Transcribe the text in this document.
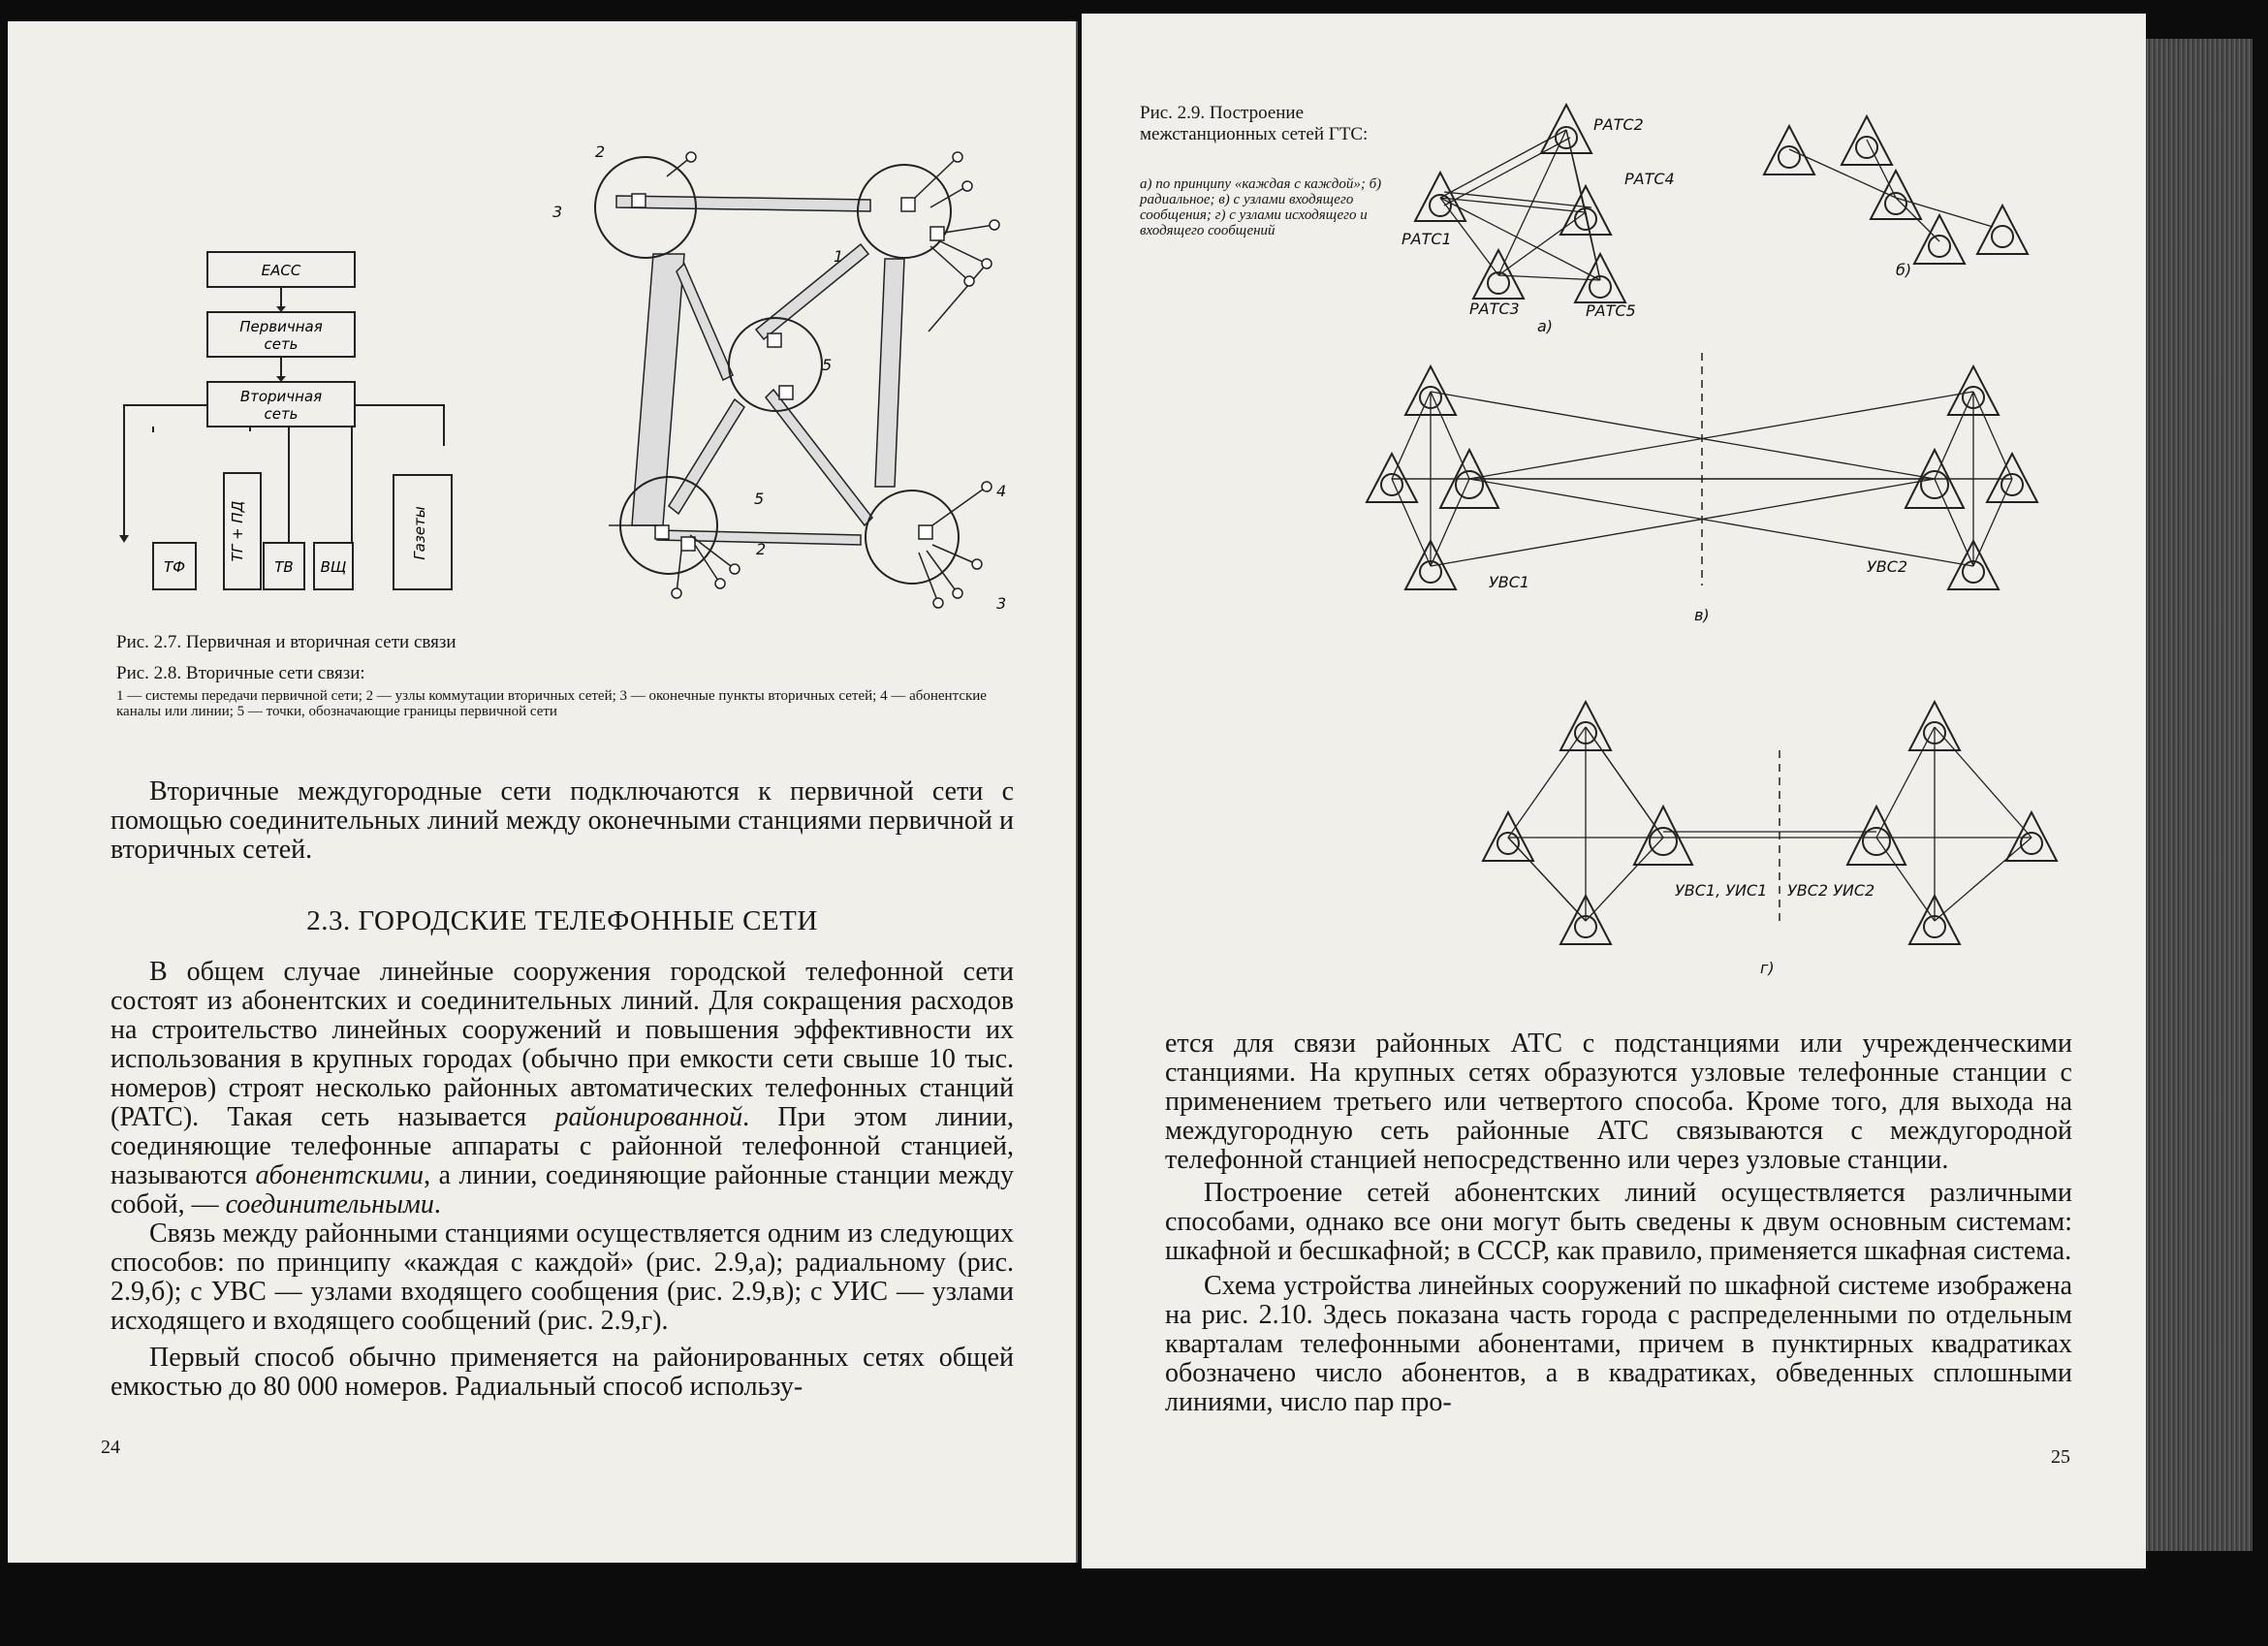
ЕАСС
Первичная
сеть
Вторичная
сеть
ТФ
ТГ + ПД
ТВ ВЩ
Газеты
2
3
1
5
5
2
4
3
Рис. 2.7. Первичная и вторичная сети связи
Рис. 2.8. Вторичные сети связи:
1 — системы передачи первичной сети; 2 — узлы коммутации вторичных сетей; 3 — оконечные пункты вторичных сетей; 4 — абонентские каналы или линии; 5 — точки, обозначающие границы первичной сети

Вторичные междугородные сети подключаются к первичной сети с помощью соединительных линий между оконечными станциями первичной и вторичных сетей.

2.3. ГОРОДСКИЕ ТЕЛЕФОННЫЕ СЕТИ

В общем случае линейные сооружения городской телефонной сети состоят из абонентских и соединительных линий. Для сокращения расходов на строительство линейных сооружений и повышения эффективности их использования в крупных городах (обычно при емкости сети свыше 10 тыс. номеров) строят несколько районных автоматических телефонных станций (РАТС). Такая сеть называется районированной. При этом линии, соединяющие телефонные аппараты с районной телефонной станцией, называются абонентскими, а линии, соединяющие районные станции между собой, — соединительными.

Связь между районными станциями осуществляется одним из следующих способов: по принципу «каждая с каждой» (рис. 2.9,а); радиальному (рис. 2.9,б); с УВС — узлами входящего сообщения (рис. 2.9,в); с УИС — узлами исходящего и входящего сообщений (рис. 2.9,г).

Первый способ обычно применяется на районированных сетях общей емкостью до 80 000 номеров. Радиальный способ использу-

24
Рис. 2.9. Построение межстанционных сетей ГТС:
а) по принципу «каждая с каждой»; б) радиальное; в) с узлами входящего сообщения; г) с узлами исходящего и входящего сообщений	РАТС1
РАТС2
РАТС4
РАТС3	РАТС5
а)
б)
УВС1
УВС2
в)
УВС1, УИС1 УВС2 УИС2
г)

ется для связи районных АТС с подстанциями или учрежденческими станциями. На крупных сетях образуются узловые телефонные станции с применением третьего или четвертого способа. Кроме того, для выхода на междугородную сеть районные АТС связываются с междугородной телефонной станцией непосредственно или через узловые станции.

Построение сетей абонентских линий осуществляется различными способами, однако все они могут быть сведены к двум основным системам: шкафной и бесшкафной; в СССР, как правило, применяется шкафная система.

Схема устройства линейных сооружений по шкафной системе изображена на рис. 2.10. Здесь показана часть города с распределенными по отдельным кварталам телефонными абонентами, причем в пунктирных квадратиках обозначено число абонентов, а в квадратиках, обведенных сплошными линиями, число пар про-

25
